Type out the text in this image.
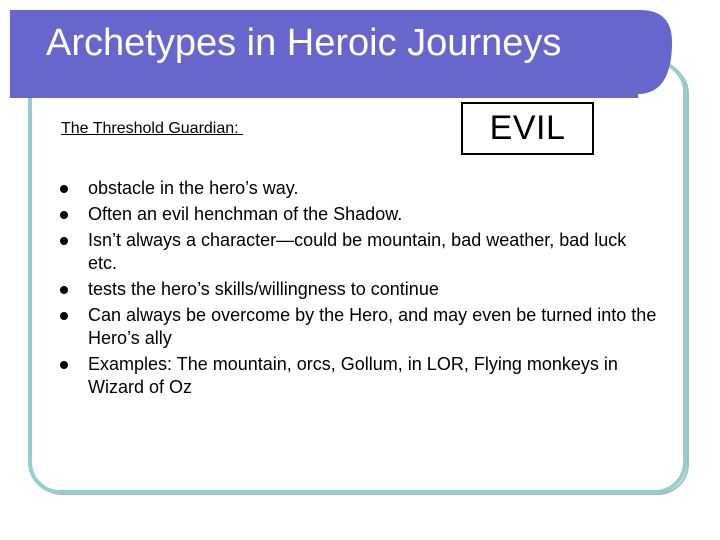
Archetypes in Heroic Journeys
The Threshold Guardian:	EVIL
obstacle in the hero’s way.
Often an evil henchman of the Shadow.
Isn’t always a character—could be mountain, bad weather, bad luck etc.
tests the hero’s skills/willingness to continue
Can always be overcome by the Hero, and may even be turned into the Hero’s ally
Examples: The mountain, orcs, Gollum, in LOR, Flying monkeys in Wizard of Oz
